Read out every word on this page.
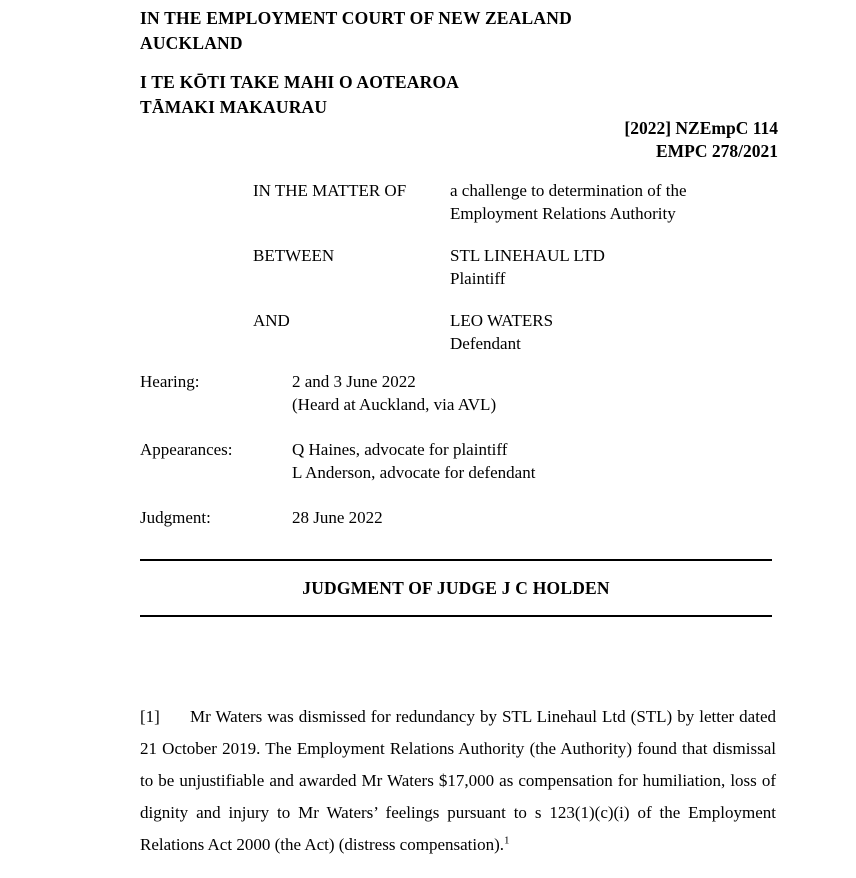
IN THE EMPLOYMENT COURT OF NEW ZEALAND
AUCKLAND
I TE KŌTI TAKE MAHI O AOTEAROA
TĀMAKI MAKAURAU
[2022] NZEmpC 114
EMPC 278/2021
IN THE MATTER OF	a challenge to determination of the
Employment Relations Authority
BETWEEN	STL LINEHAUL LTD
Plaintiff
AND	LEO WATERS
Defendant
Hearing:	2 and 3 June 2022
(Heard at Auckland, via AVL)
Appearances:	Q Haines, advocate for plaintiff
L Anderson, advocate for defendant
Judgment:	28 June 2022
JUDGMENT OF JUDGE J C HOLDEN

[1] Mr Waters was dismissed for redundancy by STL Linehaul Ltd (STL) by letter dated 21 October 2019. The Employment Relations Authority (the Authority) found that dismissal to be unjustifiable and awarded Mr Waters $17,000 as compensation for humiliation, loss of dignity and injury to Mr Waters’ feelings pursuant to s 123(1)(c)(i) of the Employment Relations Act 2000 (the Act) (distress compensation).$^1$
